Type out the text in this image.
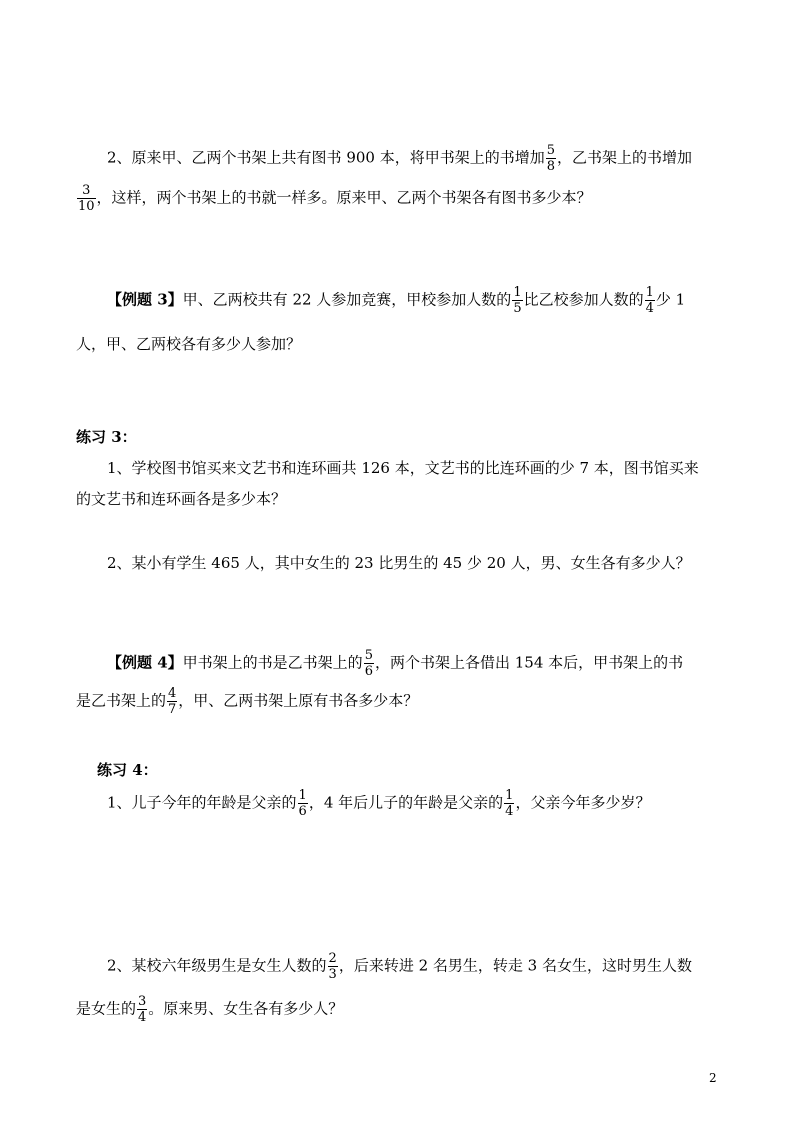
2、原来甲、乙两个书架上共有图书 900 本，将甲书架上的书增加 $\frac{5}{8}$ ，乙书架上的书增加
$\frac{3}{10}$ ，这样，两个书架上的书就一样多。原来甲、乙两个书架各有图书多少本？
【例题 3】甲、乙两校共有 22 人参加竞赛，甲校参加人数的 $\frac{1}{5}$ 比乙校参加人数的 $\frac{1}{4}$ 少 1
人，甲、乙两校各有多少人参加？
练习 3：
1、学校图书馆买来文艺书和连环画共 126 本，文艺书的比连环画的少 7 本，图书馆买来
的文艺书和连环画各是多少本？
2、某小有学生 465 人，其中女生的 23 比男生的 45 少 20 人，男、女生各有多少人？
【例题 4】甲书架上的书是乙书架上的 $\frac{5}{6}$ ，两个书架上各借出 154 本后，甲书架上的书
是乙书架上的 $\frac{4}{7}$ ，甲、乙两书架上原有书各多少本？
练习 4：
1、儿子今年的年龄是父亲的 $\frac{1}{6}$ ，4 年后儿子的年龄是父亲的 $\frac{1}{4}$ ，父亲今年多少岁？
2、某校六年级男生是女生人数的 $\frac{2}{3}$ ，后来转进 2 名男生，转走 3 名女生，这时男生人数
是女生的 $\frac{3}{4}$ 。原来男、女生各有多少人？
2
